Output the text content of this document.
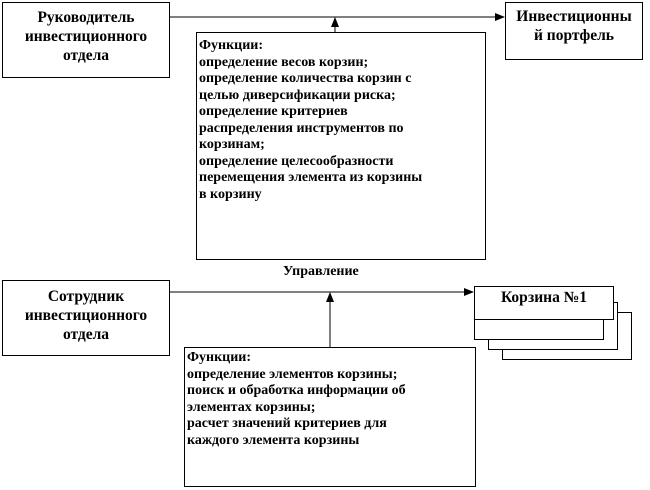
Руководитель
инвестиционного
отдела
Инвестиционны
й портфель
Функции:
определение весов корзин;
определение количества корзин с
целью диверсификации риска;
определение критериев
распределения инструментов по
корзинам;
определение целесообразности
перемещения элемента из корзины
в корзину
Управление
Сотрудник
инвестиционного
отдела
Корзина №1
Функции:
определение элементов корзины;
поиск и обработка информации об
элементах корзины;
расчет значений критериев для
каждого элемента корзины
